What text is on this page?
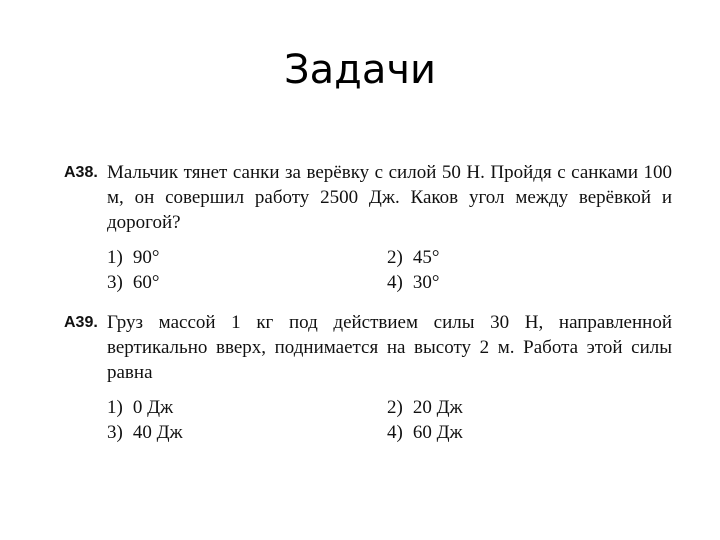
Задачи
А38. Мальчик тянет санки за верёвку с силой 50 Н. Пройдя с санками 100 м, он совершил работу 2500 Дж. Каков угол между верёвкой и дорогой?

1) 90°	2) 45°
3) 60°	4) 30°
А39. Груз массой 1 кг под действием силы 30 Н, направленной вертикально вверх, поднимается на высоту 2 м. Работа этой силы равна

1) 0 Дж	2) 20 Дж
3) 40 Дж	4) 60 Дж
